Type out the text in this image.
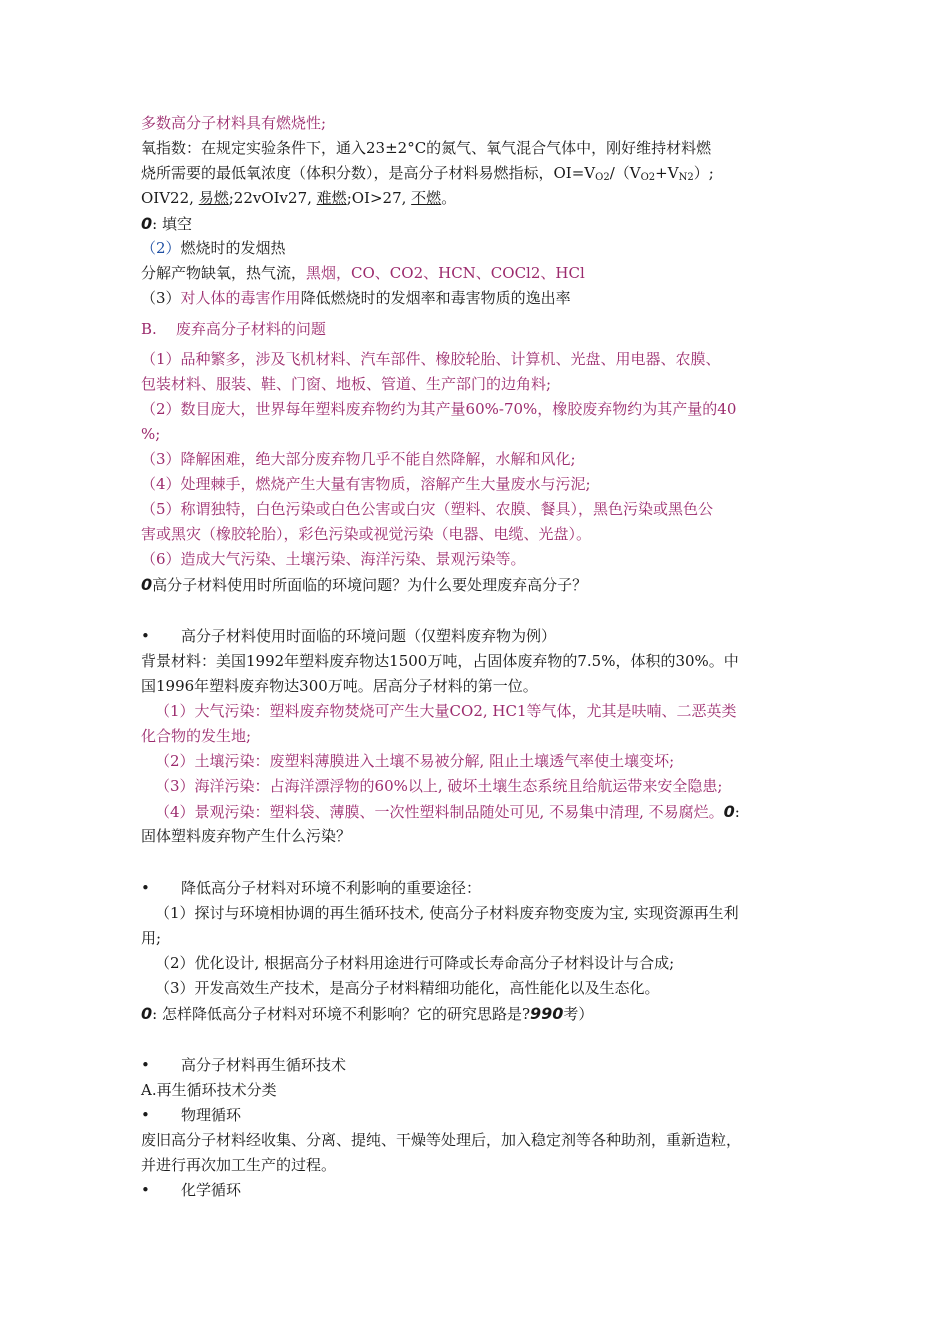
多数高分子材料具有燃烧性;
氧指数：在规定实验条件下，通入23±2°C的氮气、氧气混合气体中，刚好维持材料燃
烧所需要的最低氧浓度（体积分数），是高分子材料易燃指标，$OI=V_{O2}/(V_{O2}+V_{N2})$;
OIV22, 易燃;22vOIv27, 难燃;OI>27, 不燃。
0: 填空
（2）燃烧时的发烟热
分解产物缺氧，热气流，黑烟，CO、CO2、HCN、COCl2、HCl
（3）对人体的毒害作用降低燃烧时的发烟率和毒害物质的逸出率
B.    废弃高分子材料的问题
（1）品种繁多，涉及飞机材料、汽车部件、橡胶轮胎、计算机、光盘、用电器、农膜、
包装材料、服装、鞋、门窗、地板、管道、生产部门的边角料;
（2）数目庞大，世界每年塑料废弃物约为其产量60%-70%，橡胶废弃物约为其产量的40
%;
（3）降解困难，绝大部分废弃物几乎不能自然降解，水解和风化;
（4）处理棘手，燃烧产生大量有害物质，溶解产生大量废水与污泥;
（5）称谓独特，白色污染或白色公害或白灾（塑料、农膜、餐具），黑色污染或黑色公
害或黑灾（橡胶轮胎），彩色污染或视觉污染（电器、电缆、光盘）。
（6）造成大气污染、土壤污染、海洋污染、景观污染等。
0高分子材料使用时所面临的环境问题？为什么要处理废弃高分子？
• 高分子材料使用时面临的环境问题（仅塑料废弃物为例）
背景材料：美国1992年塑料废弃物达1500万吨，占固体废弃物的7.5%，体积的30%。中
国1996年塑料废弃物达300万吨。居高分子材料的第一位。
（1）大气污染：塑料废弃物焚烧可产生大量CO2, HC1等气体，尤其是呋喃、二恶英类
化合物的发生地;
（2）土壤污染：废塑料薄膜进入土壤不易被分解, 阻止土壤透气率使土壤变坏;
（3）海洋污染：占海洋漂浮物的60%以上, 破坏土壤生态系统且给航运带来安全隐患;
（4）景观污染：塑料袋、薄膜、一次性塑料制品随处可见, 不易集中清理, 不易腐烂。0:
固体塑料废弃物产生什么污染？
• 降低高分子材料对环境不利影响的重要途径：
（1）探讨与环境相协调的再生循环技术, 使高分子材料废弃物变废为宝, 实现资源再生利
用;
（2）优化设计, 根据高分子材料用途进行可降或长寿命高分子材料设计与合成;
（3）开发高效生产技术，是高分子材料精细功能化，高性能化以及生态化。
0: 怎样降低高分子材料对环境不利影响？它的研究思路是?990考）
• 高分子材料再生循环技术
A.再生循环技术分类
• 物理循环
废旧高分子材料经收集、分离、提纯、干燥等处理后，加入稳定剂等各种助剂，重新造粒，
并进行再次加工生产的过程。
• 化学循环
